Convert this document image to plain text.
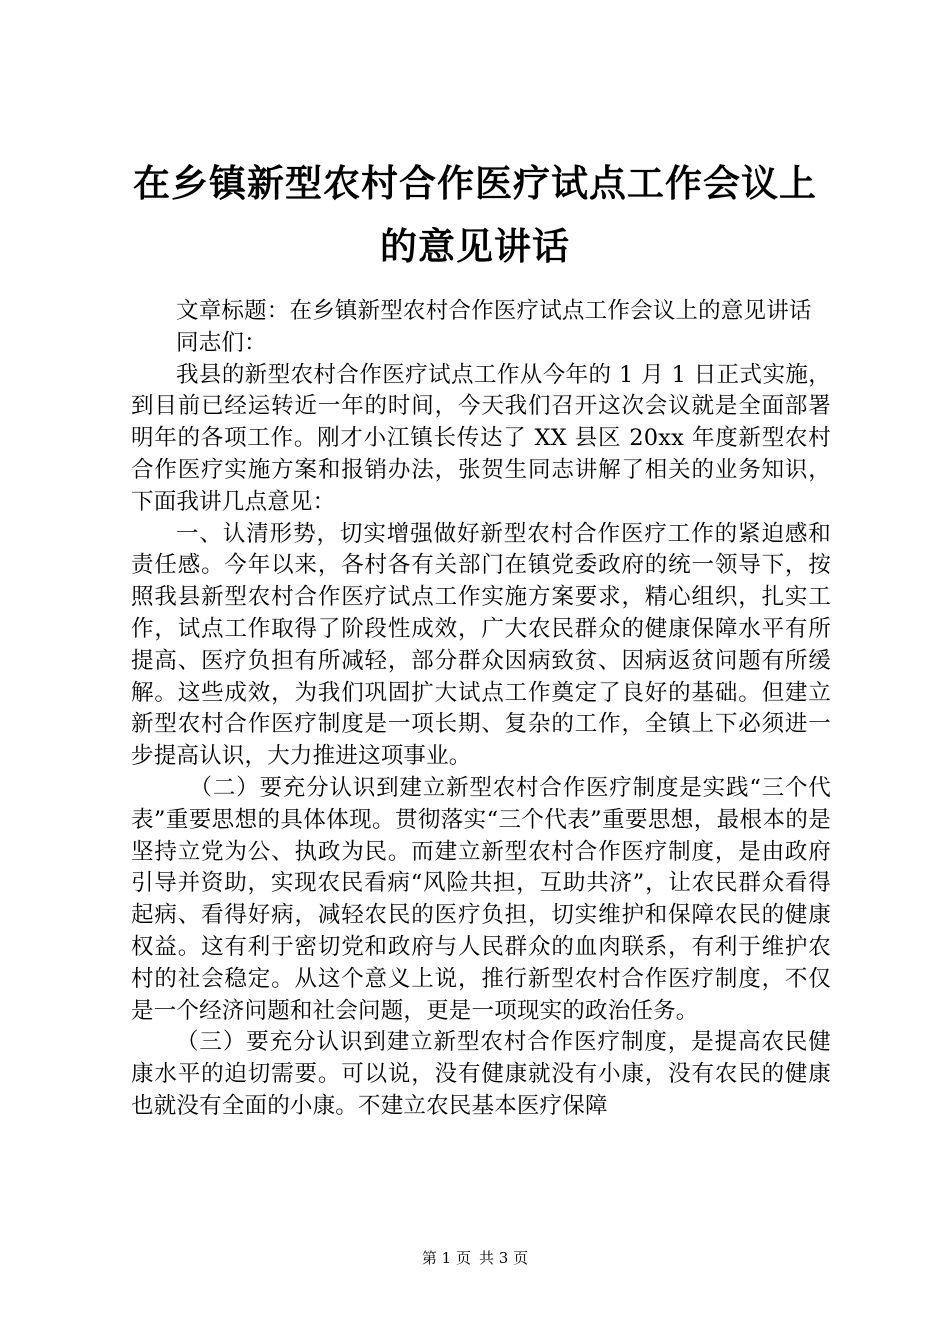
在乡镇新型农村合作医疗试点工作会议上的意见讲话

文章标题：在乡镇新型农村合作医疗试点工作会议上的意见讲话

同志们：

我县的新型农村合作医疗试点工作从今年的 1 月 1 日正式实施，到目前已经运转近一年的时间，今天我们召开这次会议就是全面部署明年的各项工作。刚才小江镇长传达了 XX 县区 20xx 年度新型农村合作医疗实施方案和报销办法，张贺生同志讲解了相关的业务知识，下面我讲几点意见：

一、认清形势，切实增强做好新型农村合作医疗工作的紧迫感和责任感。今年以来，各村各有关部门在镇党委政府的统一领导下，按照我县新型农村合作医疗试点工作实施方案要求，精心组织，扎实工作，试点工作取得了阶段性成效，广大农民群众的健康保障水平有所提高、医疗负担有所减轻，部分群众因病致贫、因病返贫问题有所缓解。这些成效，为我们巩固扩大试点工作奠定了良好的基础。但建立新型农村合作医疗制度是一项长期、复杂的工作，全镇上下必须进一步提高认识，大力推进这项事业。

（二）要充分认识到建立新型农村合作医疗制度是实践“三个代表”重要思想的具体体现。贯彻落实“三个代表”重要思想，最根本的是坚持立党为公、执政为民。而建立新型农村合作医疗制度，是由政府引导并资助，实现农民看病“风险共担，互助共济”，让农民群众看得起病、看得好病，减轻农民的医疗负担，切实维护和保障农民的健康权益。这有利于密切党和政府与人民群众的血肉联系，有利于维护农村的社会稳定。从这个意义上说，推行新型农村合作医疗制度，不仅是一个经济问题和社会问题，更是一项现实的政治任务。

（三）要充分认识到建立新型农村合作医疗制度，是提高农民健康水平的迫切需要。可以说，没有健康就没有小康，没有农民的健康也就没有全面的小康。不建立农民基本医疗保障

第 1 页 共 3 页
